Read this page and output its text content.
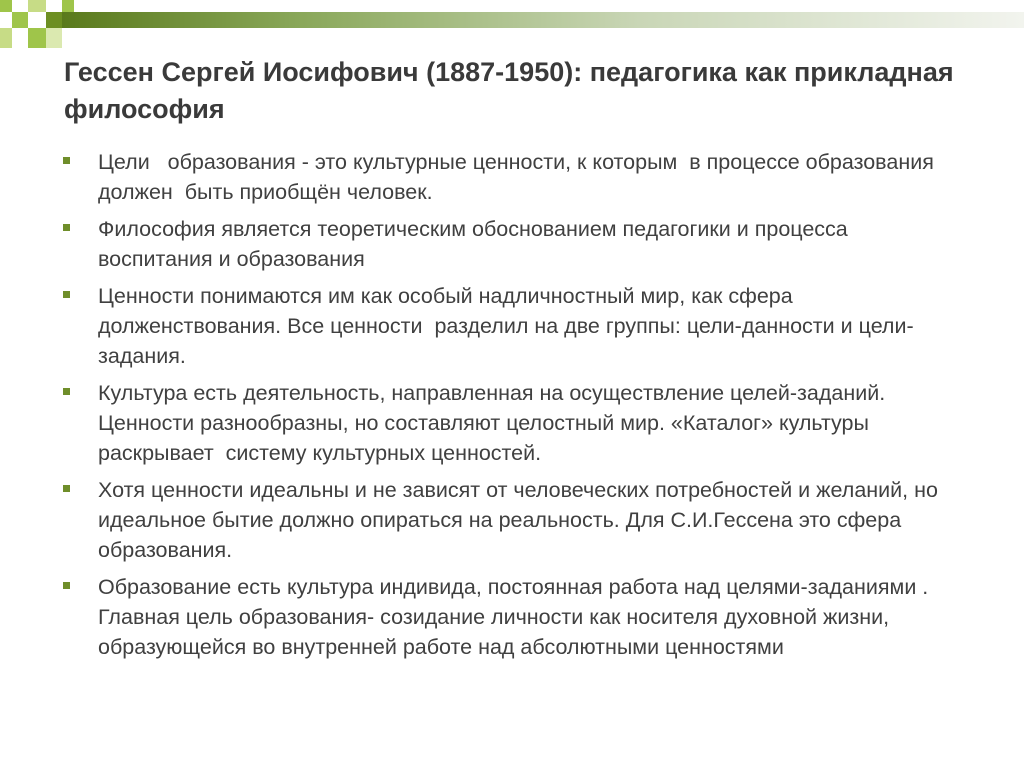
Гессен Сергей Иосифович (1887-1950): педагогика как прикладная философия
Цели   образования - это культурные ценности, к которым  в процессе образования должен  быть приобщён человек.
Философия является теоретическим обоснованием педагогики и процесса воспитания и образования
Ценности понимаются им как особый надличностный мир, как сфера долженствования. Все ценности  разделил на две группы: цели-данности и цели- задания.
Культура есть деятельность, направленная на осуществление целей-заданий. Ценности разнообразны, но составляют целостный мир. «Каталог» культуры раскрывает  систему культурных ценностей.
Хотя ценности идеальны и не зависят от человеческих потребностей и желаний, но идеальное бытие должно опираться на реальность. Для С.И.Гессена это сфера образования.
Образование есть культура индивида, постоянная работа над целями-заданиями . Главная цель образования- созидание личности как носителя духовной жизни, образующейся во внутренней работе над абсолютными ценностями
